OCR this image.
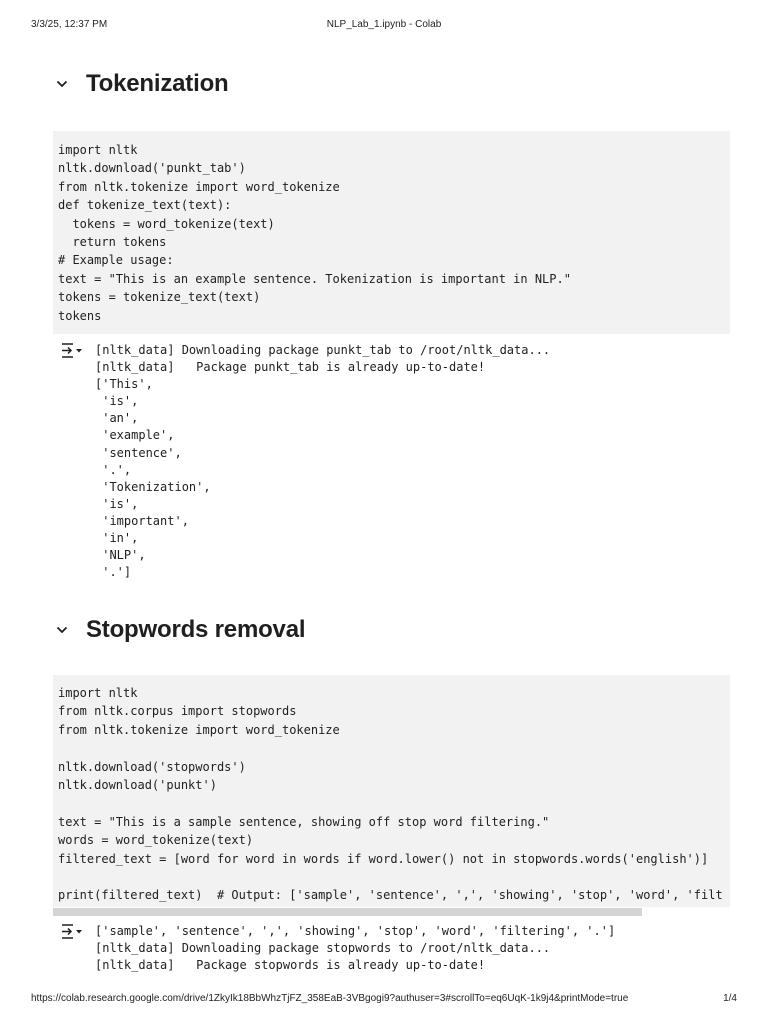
3/3/25, 12:37 PM	NLP_Lab_1.ipynb - Colab
Tokenization
import nltk
nltk.download('punkt_tab')
from nltk.tokenize import word_tokenize
def tokenize_text(text):
tokens = word_tokenize(text)
return tokens
# Example usage:
text = "This is an example sentence. Tokenization is important in NLP."
tokens = tokenize_text(text)
tokens
[nltk_data] Downloading package punkt_tab to /root/nltk_data...
[nltk_data]   Package punkt_tab is already up-to-date!
['This',
'is',
'an',
'example',
'sentence',
'.',
'Tokenization',
'is',
'important',
'in',
'NLP',
'.']
Stopwords removal
import nltk
from nltk.corpus import stopwords
from nltk.tokenize import word_tokenize
nltk.download('stopwords')
nltk.download('punkt')
text = "This is a sample sentence, showing off stop word filtering."
words = word_tokenize(text)
filtered_text = [word for word in words if word.lower() not in stopwords.words('english')]
print(filtered_text)  # Output: ['sample', 'sentence', ',', 'showing', 'stop', 'word', 'filt
['sample', 'sentence', ',', 'showing', 'stop', 'word', 'filtering', '.']
[nltk_data] Downloading package stopwords to /root/nltk_data...
[nltk_data]   Package stopwords is already up-to-date!
https://colab.research.google.com/drive/1ZkyIk18BbWhzTjFZ_358EaB-3VBgogi9?authuser=3#scrollTo=eq6UqK-1k9j4&printMode=true	1/4
